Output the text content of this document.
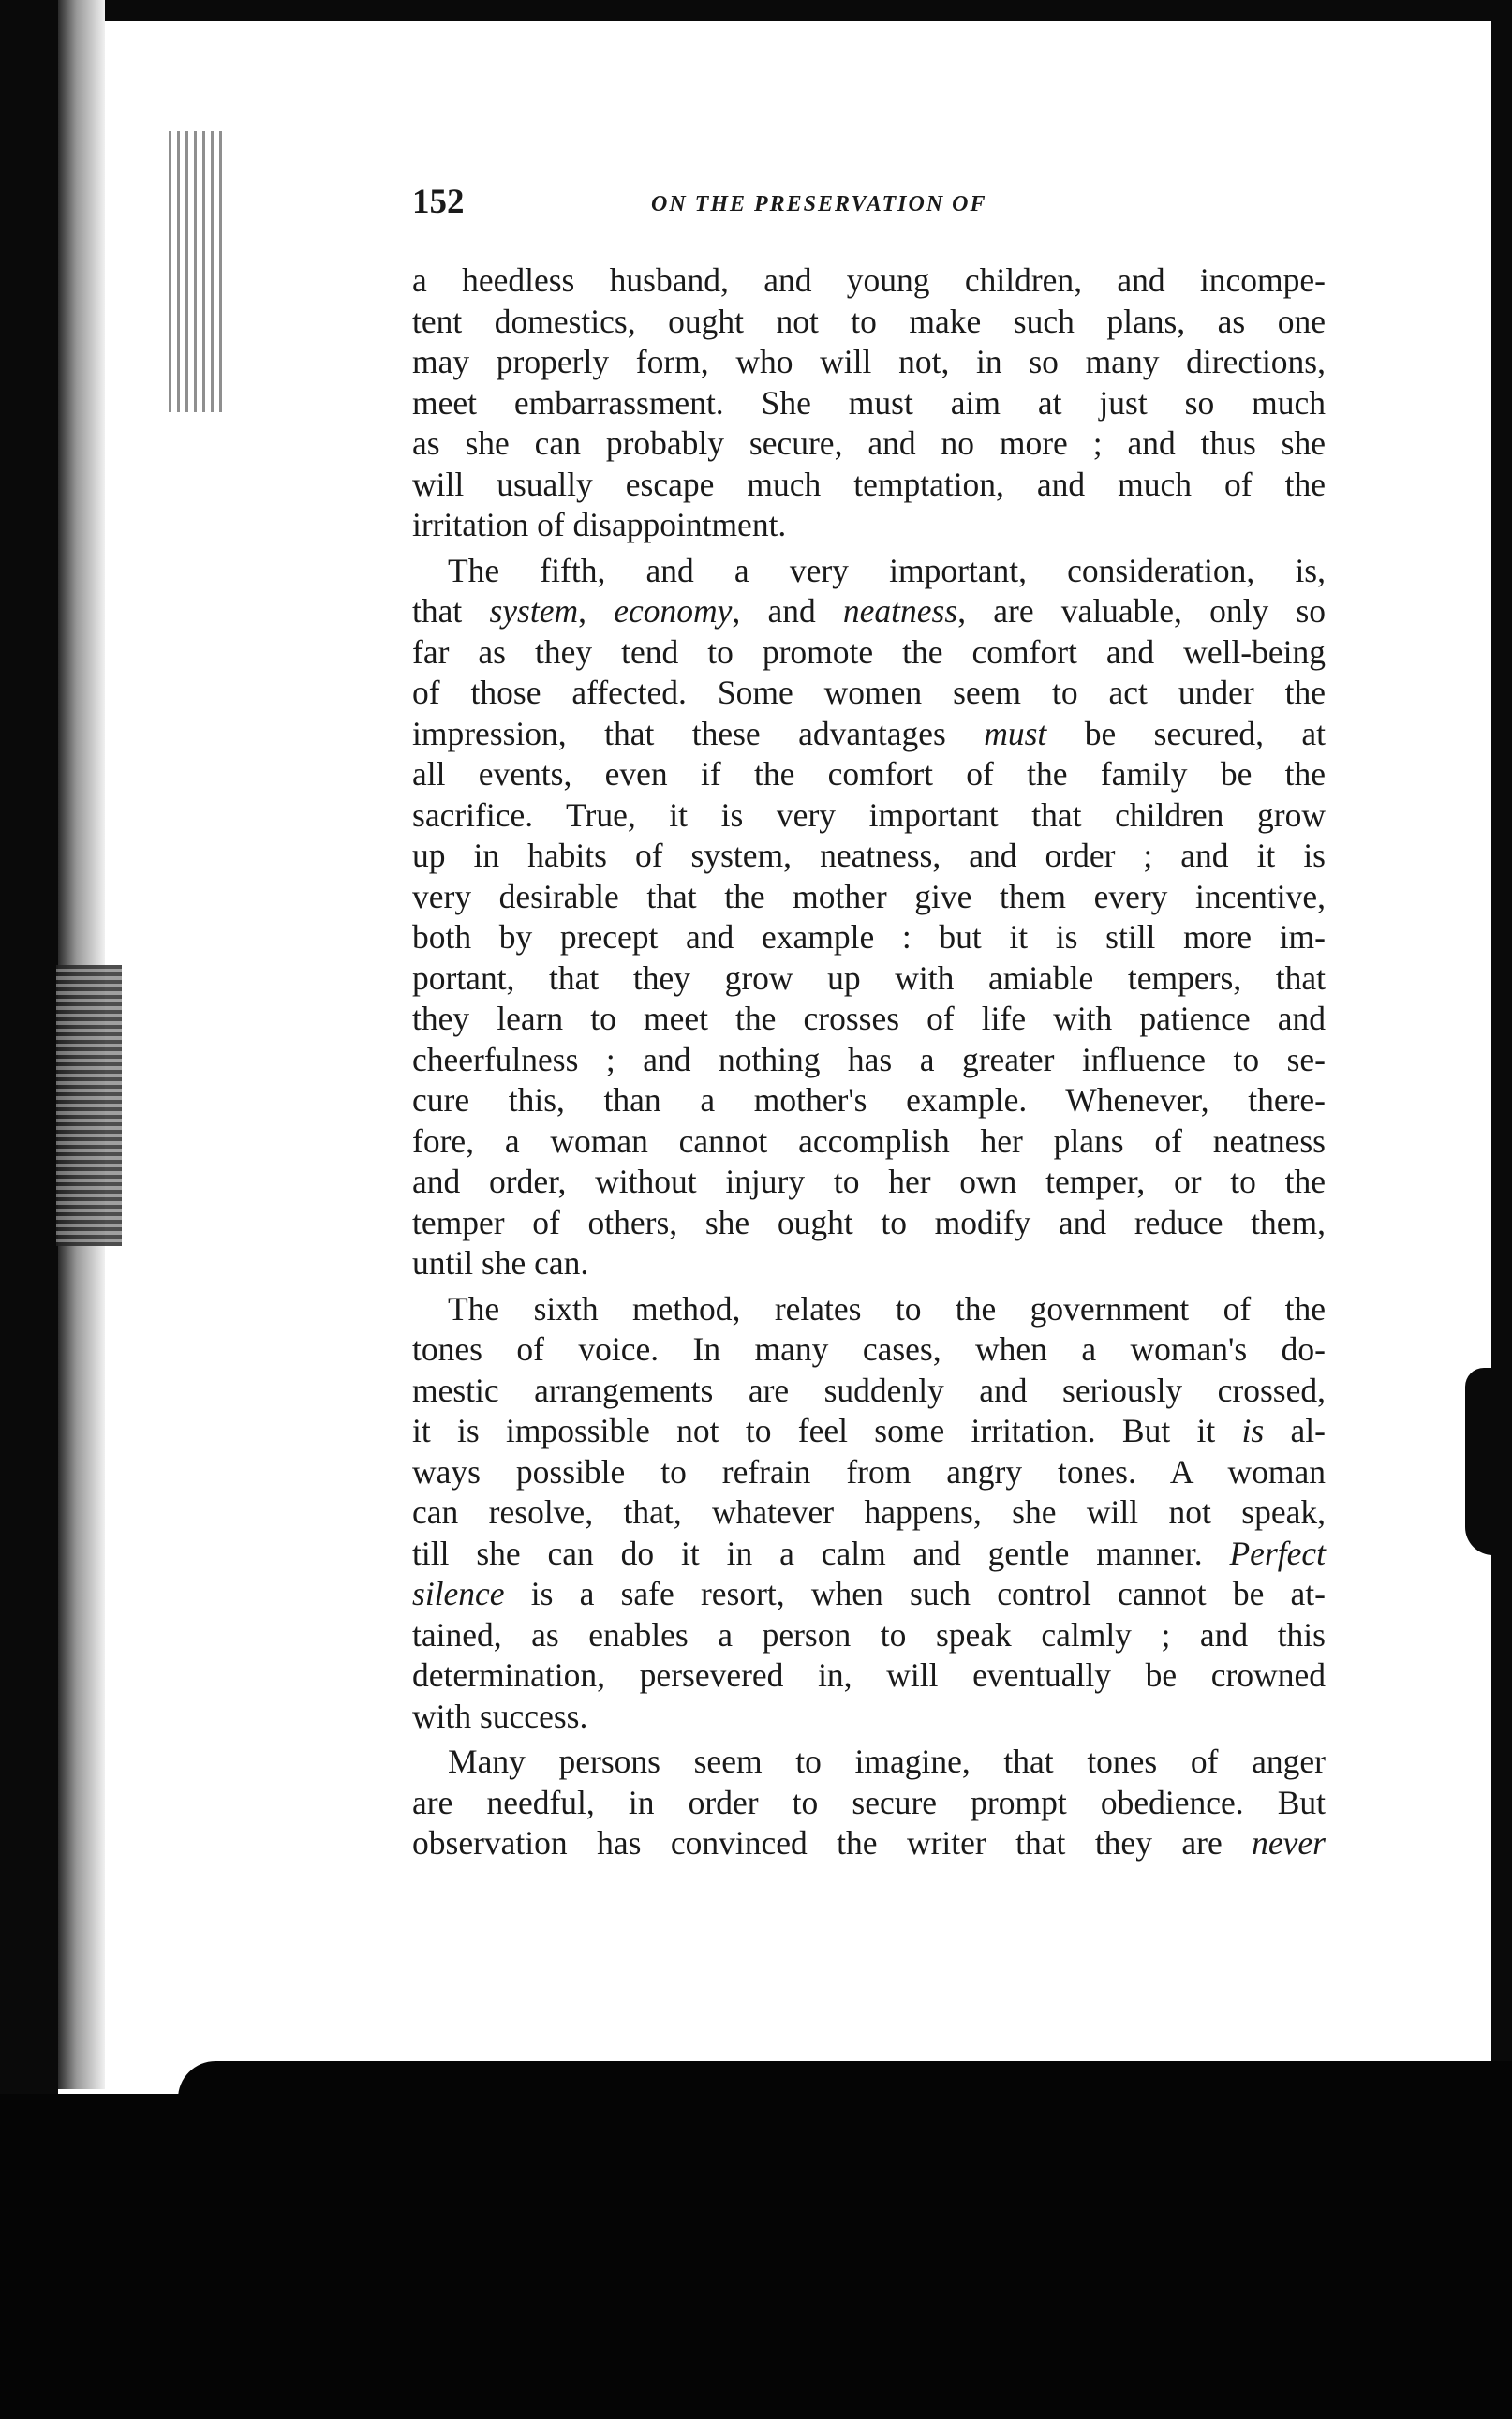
152	ON THE PRESERVATION OF
a heedless husband, and young children, and incompe-
tent domestics, ought not to make such plans, as one
may properly form, who will not, in so many directions,
meet embarrassment. She must aim at just so much
as she can probably secure, and no more ; and thus she
will usually escape much temptation, and much of the
irritation of disappointment.
The fifth, and a very important, consideration, is,
that system, economy, and neatness, are valuable, only so
far as they tend to promote the comfort and well-being
of those affected. Some women seem to act under the
impression, that these advantages must be secured, at
all events, even if the comfort of the family be the
sacrifice. True, it is very important that children grow
up in habits of system, neatness, and order ; and it is
very desirable that the mother give them every incentive,
both by precept and example : but it is still more im-
portant, that they grow up with amiable tempers, that
they learn to meet the crosses of life with patience and
cheerfulness ; and nothing has a greater influence to se-
cure this, than a mother's example. Whenever, there-
fore, a woman cannot accomplish her plans of neatness
and order, without injury to her own temper, or to the
temper of others, she ought to modify and reduce them,
until she can.
The sixth method, relates to the government of the
tones of voice. In many cases, when a woman's do-
mestic arrangements are suddenly and seriously crossed,
it is impossible not to feel some irritation. But it is al-
ways possible to refrain from angry tones. A woman
can resolve, that, whatever happens, she will not speak,
till she can do it in a calm and gentle manner. Perfect
silence is a safe resort, when such control cannot be at-
tained, as enables a person to speak calmly ; and this
determination, persevered in, will eventually be crowned
with success.
Many persons seem to imagine, that tones of anger
are needful, in order to secure prompt obedience. But
observation has convinced the writer that they are never
